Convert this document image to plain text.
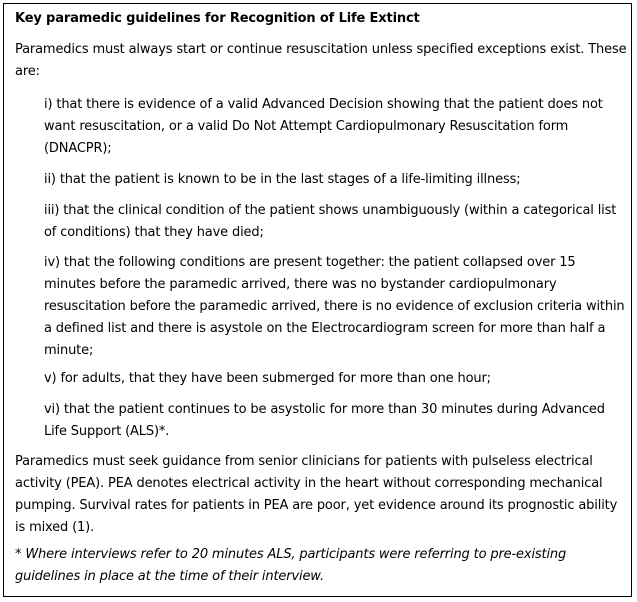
Key paramedic guidelines for Recognition of Life Extinct

Paramedics must always start or continue resuscitation unless specified exceptions exist. These are:

i) that there is evidence of a valid Advanced Decision showing that the patient does not want resuscitation, or a valid Do Not Attempt Cardiopulmonary Resuscitation form (DNACPR);

ii) that the patient is known to be in the last stages of a life-limiting illness;

iii) that the clinical condition of the patient shows unambiguously (within a categorical list of conditions) that they have died;

iv) that the following conditions are present together: the patient collapsed over 15 minutes before the paramedic arrived, there was no bystander cardiopulmonary resuscitation before the paramedic arrived, there is no evidence of exclusion criteria within a defined list and there is asystole on the Electrocardiogram screen for more than half a minute;

v) for adults, that they have been submerged for more than one hour;

vi) that the patient continues to be asystolic for more than 30 minutes during Advanced Life Support (ALS)*.

Paramedics must seek guidance from senior clinicians for patients with pulseless electrical activity (PEA). PEA denotes electrical activity in the heart without corresponding mechanical pumping. Survival rates for patients in PEA are poor, yet evidence around its prognostic ability is mixed (1).

* Where interviews refer to 20 minutes ALS, participants were referring to pre-existing guidelines in place at the time of their interview.
